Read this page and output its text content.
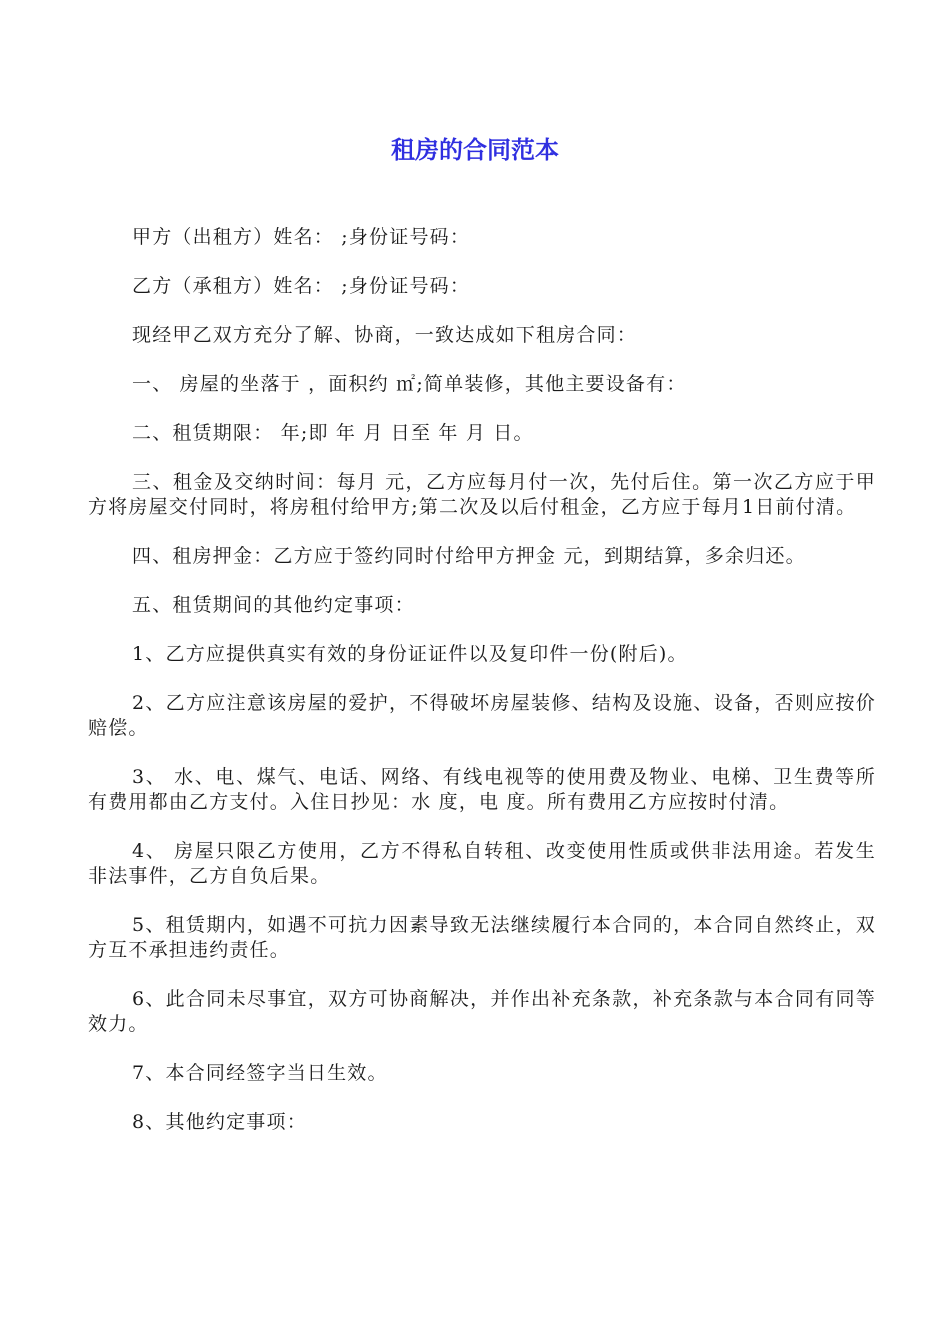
租房的合同范本

甲方（出租方）姓名： ;身份证号码：

乙方（承租方）姓名： ;身份证号码：

现经甲乙双方充分了解、协商，一致达成如下租房合同：

一、 房屋的坐落于 ，面积约 ㎡;简单装修，其他主要设备有：

二、租赁期限： 年;即 年 月 日至 年 月 日。

三、租金及交纳时间：每月 元，乙方应每月付一次，先付后住。第一次乙方应于甲方将房屋交付同时，将房租付给甲方;第二次及以后付租金，乙方应于每月1日前付清。

四、租房押金：乙方应于签约同时付给甲方押金 元，到期结算，多余归还。

五、租赁期间的其他约定事项：

1、乙方应提供真实有效的身份证证件以及复印件一份(附后)。

2、乙方应注意该房屋的爱护，不得破坏房屋装修、结构及设施、设备，否则应按价赔偿。

3、 水、电、煤气、电话、网络、有线电视等的使用费及物业、电梯、卫生费等所有费用都由乙方支付。入住日抄见：水 度，电 度。所有费用乙方应按时付清。

4、 房屋只限乙方使用，乙方不得私自转租、改变使用性质或供非法用途。若发生非法事件，乙方自负后果。

5、租赁期内，如遇不可抗力因素导致无法继续履行本合同的，本合同自然终止，双方互不承担违约责任。

6、此合同未尽事宜，双方可协商解决，并作出补充条款，补充条款与本合同有同等效力。

7、本合同经签字当日生效。

8、其他约定事项：
